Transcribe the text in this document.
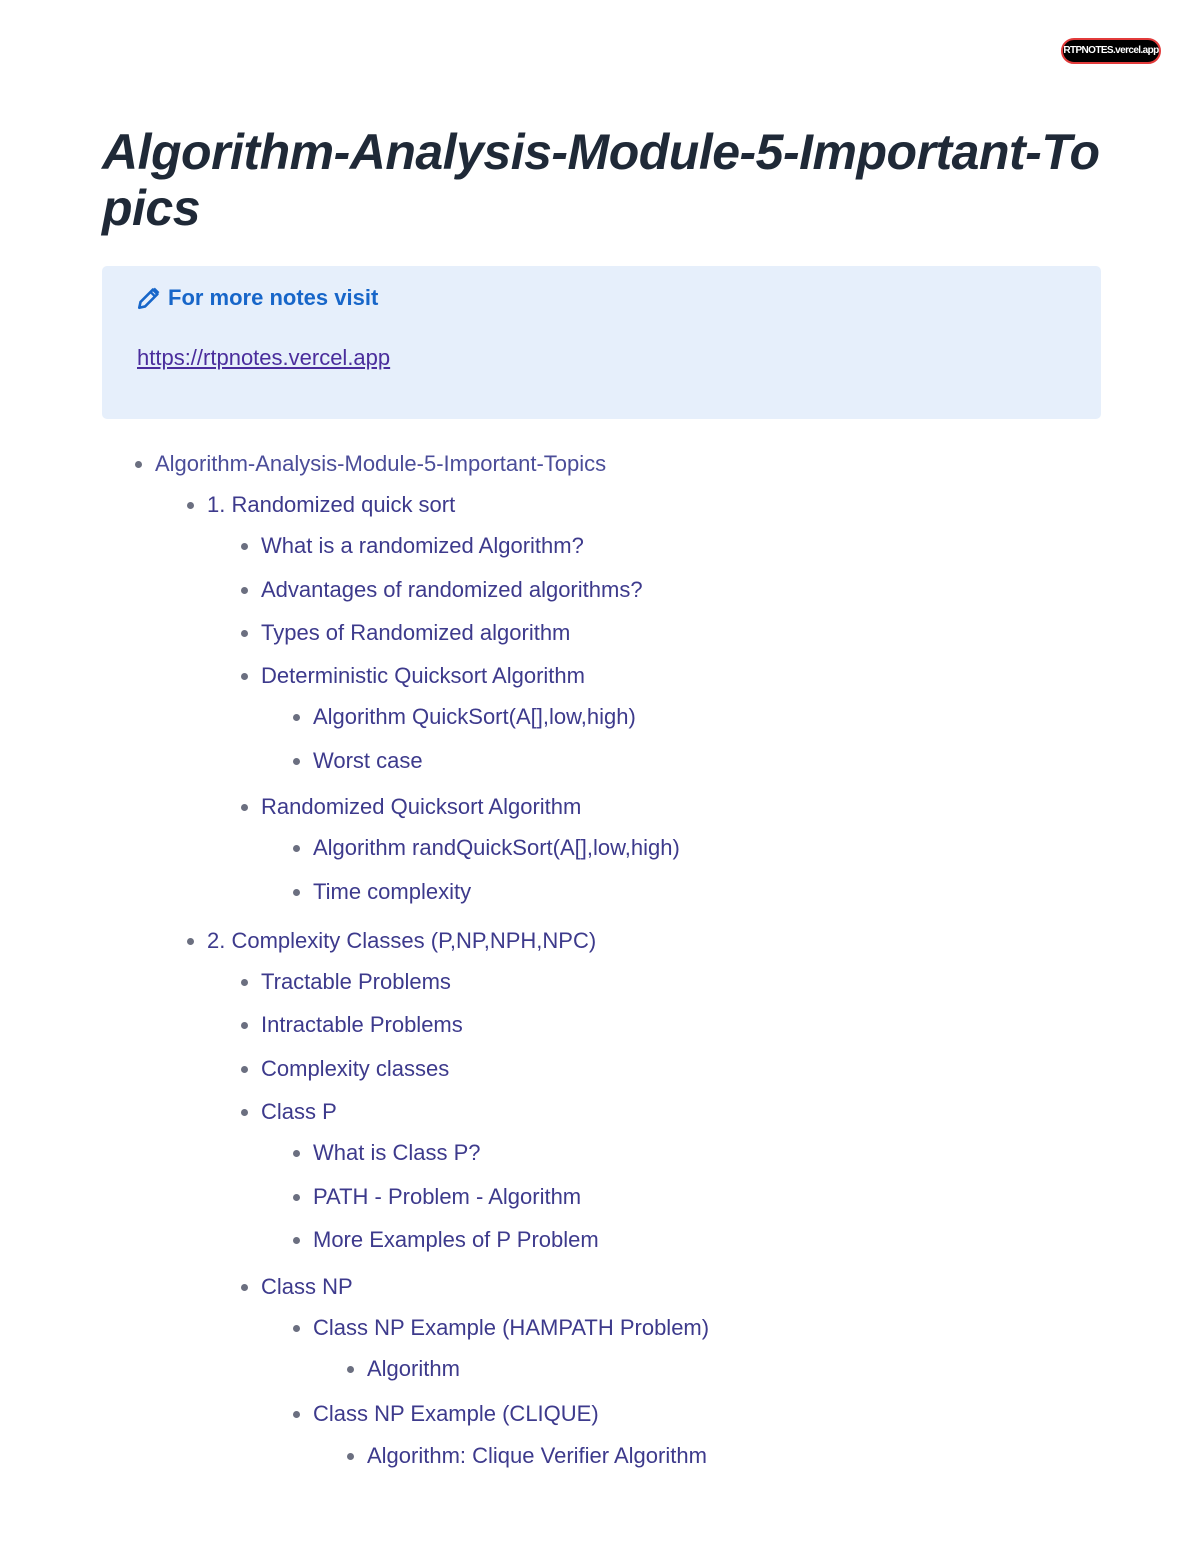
RTPNOTES.vercel.app
Algorithm-Analysis-Module-5-Important-Topics
For more notes visit
https://rtpnotes.vercel.app
Algorithm-Analysis-Module-5-Important-Topics
1. Randomized quick sort
What is a randomized Algorithm?
Advantages of randomized algorithms?
Types of Randomized algorithm
Deterministic Quicksort Algorithm
Algorithm QuickSort(A[],low,high)
Worst case
Randomized Quicksort Algorithm
Algorithm randQuickSort(A[],low,high)
Time complexity
2. Complexity Classes (P,NP,NPH,NPC)
Tractable Problems
Intractable Problems
Complexity classes
Class P
What is Class P?
PATH - Problem - Algorithm
More Examples of P Problem
Class NP
Class NP Example (HAMPATH Problem)
Algorithm
Class NP Example (CLIQUE)
Algorithm: Clique Verifier Algorithm
